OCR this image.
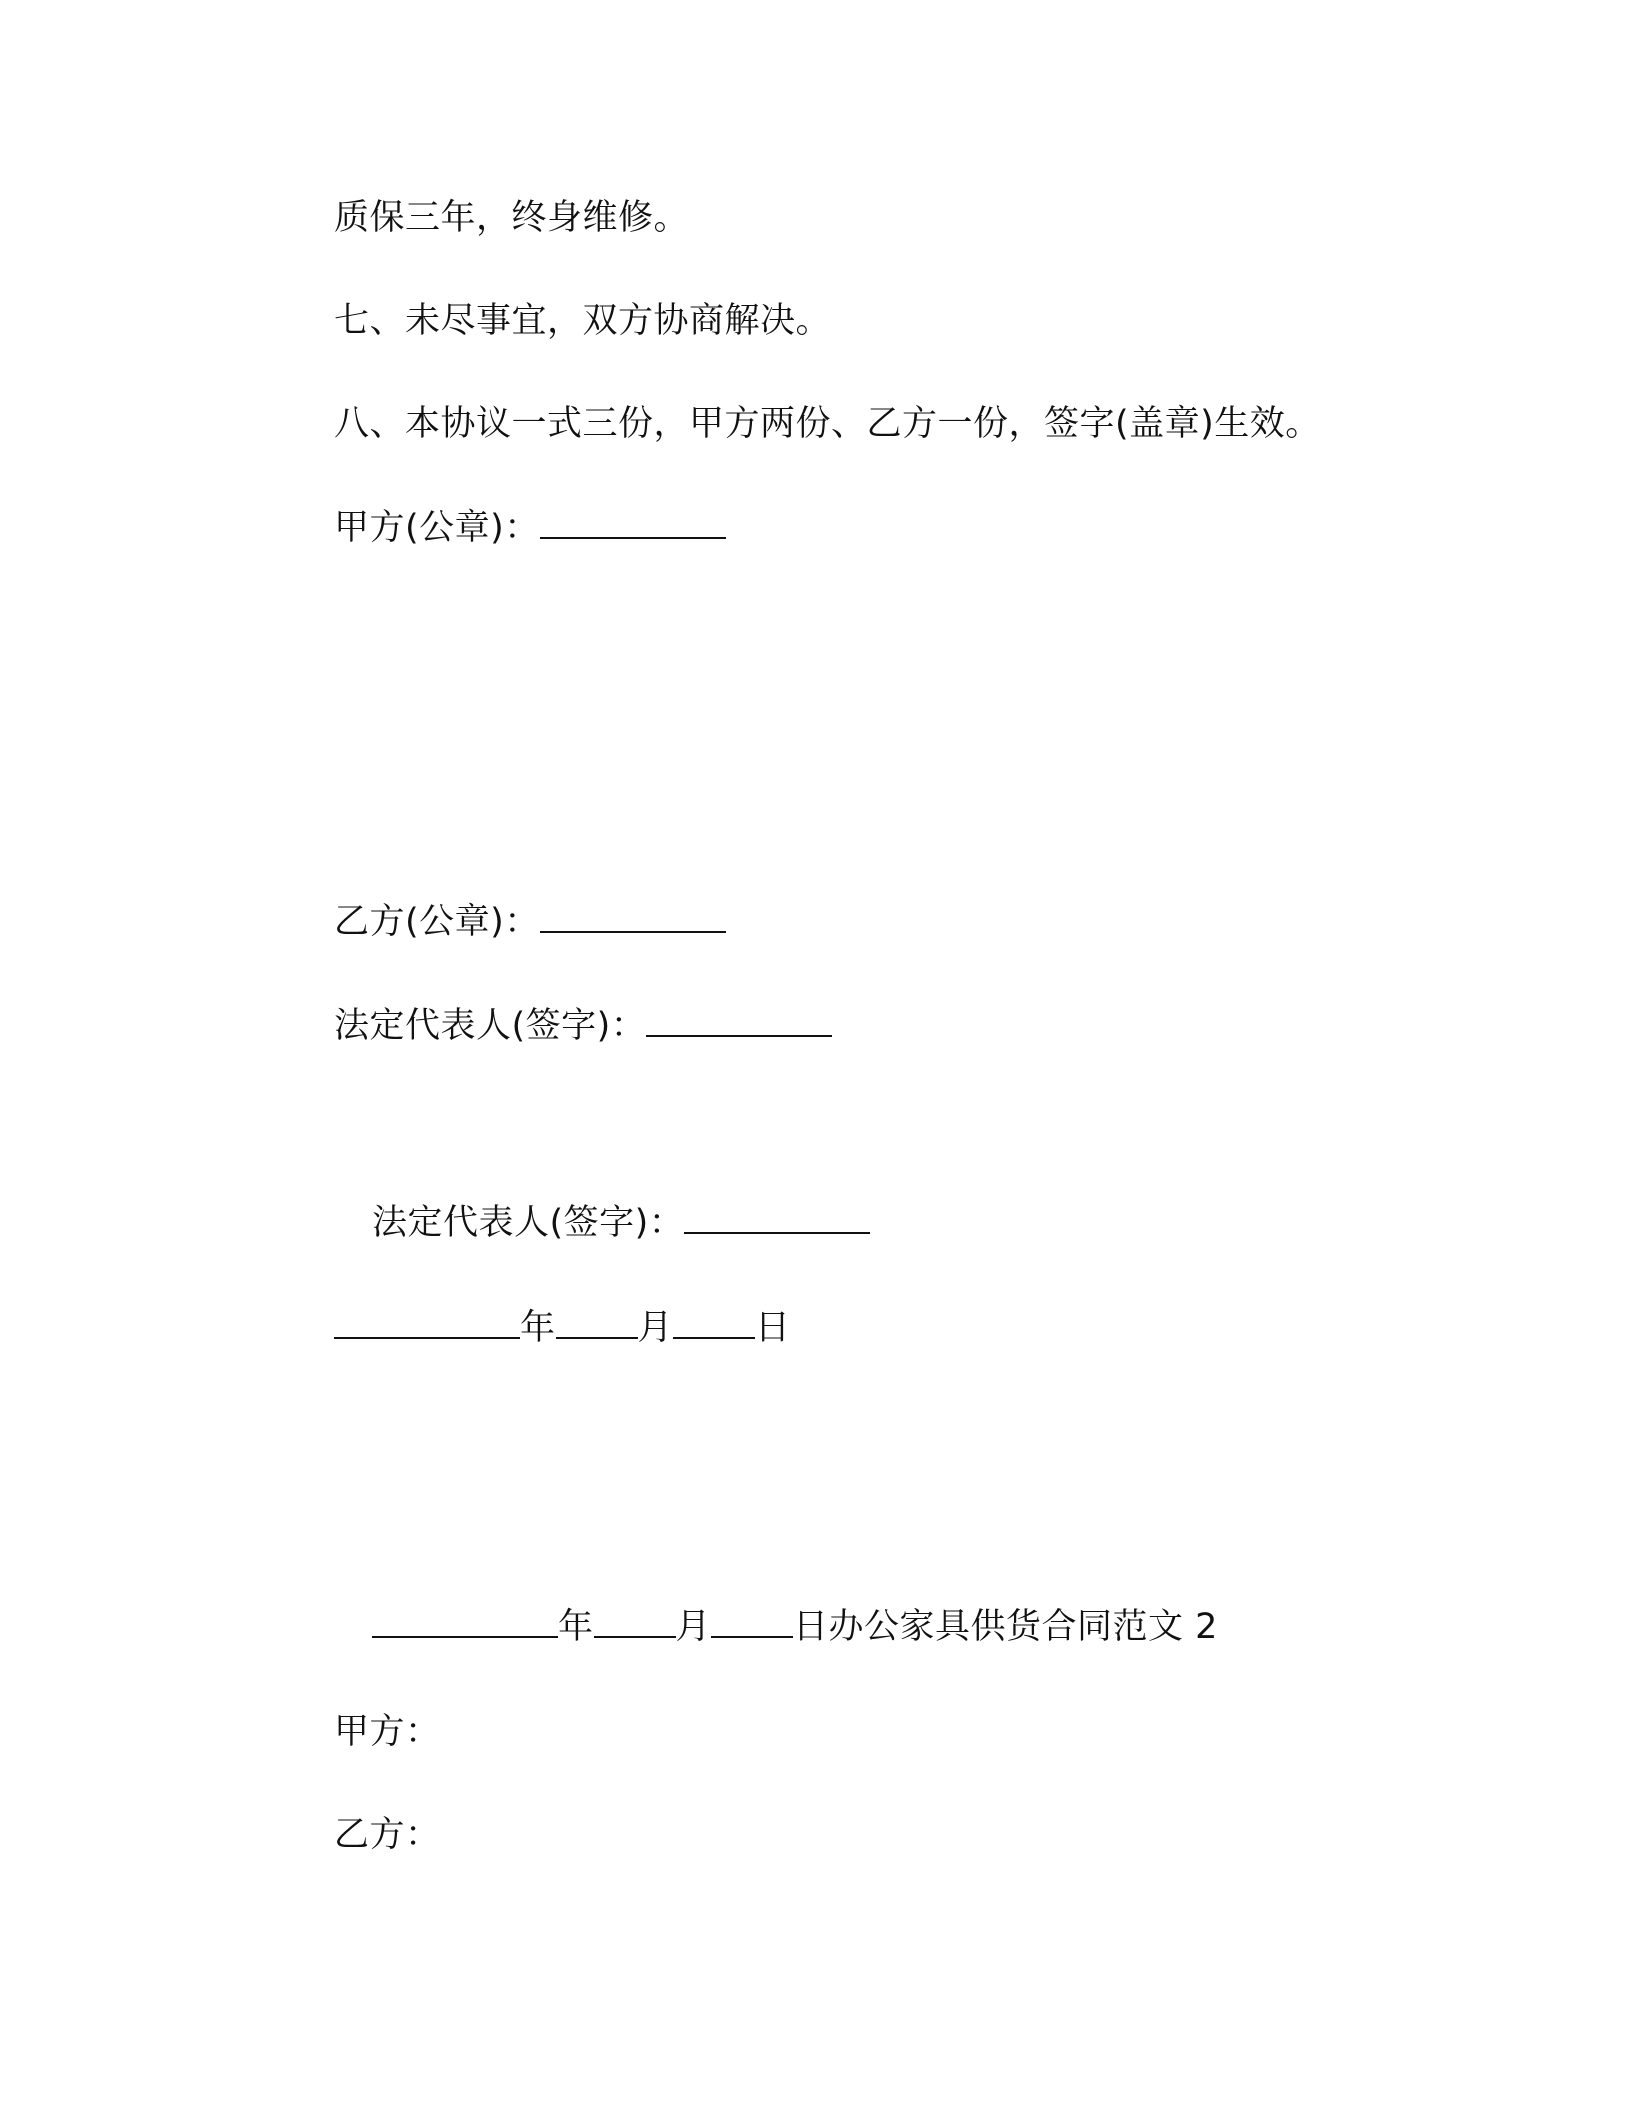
质保三年，终身维修。
七、未尽事宜，双方协商解决。
八、本协议一式三份，甲方两份、乙方一份，签字(盖章)生效。
甲方(公章)：
乙方(公章)：
法定代表人(签字)：
法定代表人(签字)：
年 月 日
年 月 日办公家具供货合同范文 2
甲方：
乙方：
